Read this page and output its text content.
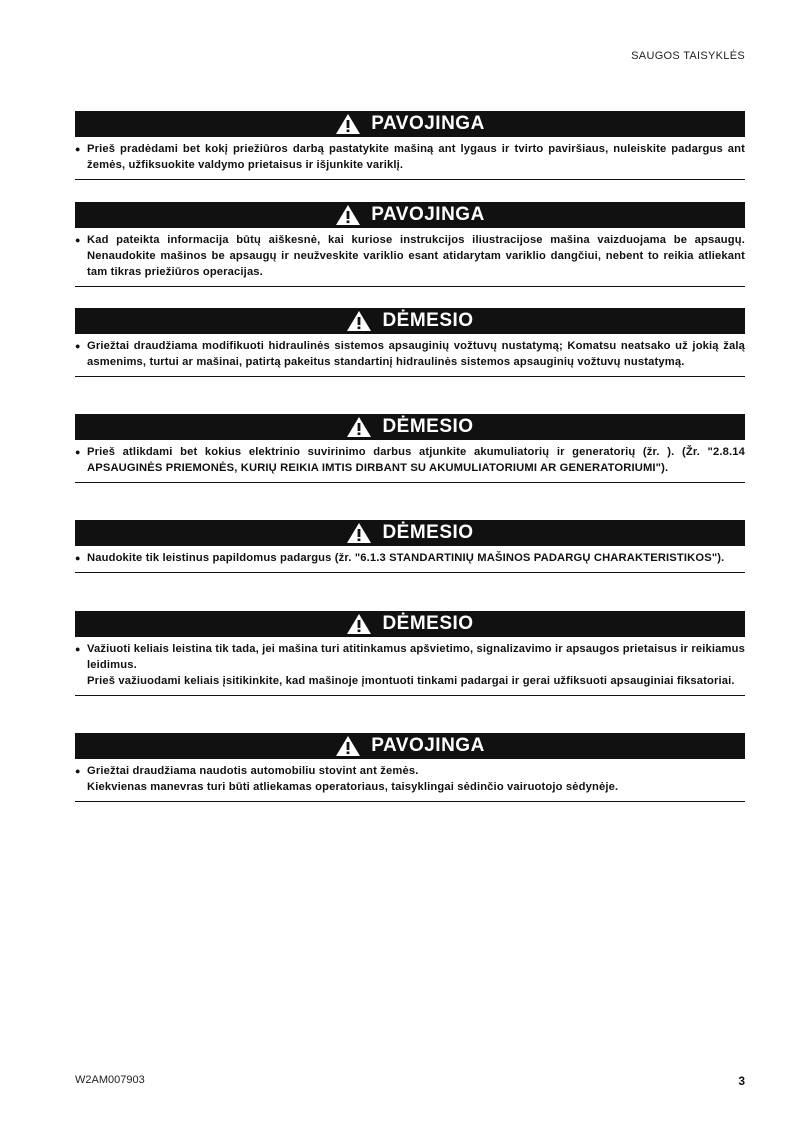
SAUGOS TAISYKLĖS
PAVOJINGA
● Prieš pradėdami bet kokį priežiūros darbą pastatykite mašiną ant lygaus ir tvirto paviršiaus, nuleiskite padargus ant žemės, užfiksuokite valdymo prietaisus ir išjunkite variklį.
PAVOJINGA
● Kad pateikta informacija būtų aiškesnė, kai kuriose instrukcijos iliustracijose mašina vaizduojama be apsaugų. Nenaudokite mašinos be apsaugų ir neužveskite variklio esant atidarytam variklio dangčiui, nebent to reikia atliekant tam tikras priežiūros operacijas.
DĖMESIO
● Griežtai draudžiama modifikuoti hidraulinės sistemos apsauginių vožtuvų nustatymą; Komatsu neatsako už jokią žalą asmenims, turtui ar mašinai, patirtą pakeitus standartinį hidraulinės sistemos apsauginių vožtuvų nustatymą.
DĖMESIO
● Prieš atlikdami bet kokius elektrinio suvirinimo darbus atjunkite akumuliatorių ir generatorių (žr. ). (Žr. "2.8.14 APSAUGINĖS PRIEMONĖS, KURIŲ REIKIA IMTIS DIRBANT SU AKUMULIATORIUMI AR GENERATORIUMI").
DĖMESIO
● Naudokite tik leistinus papildomus padargus (žr. "6.1.3 STANDARTINIŲ MAŠINOS PADARGŲ CHARAKTERISTIKOS").
DĖMESIO
● Važiuoti keliais leistina tik tada, jei mašina turi atitinkamus apšvietimo, signalizavimo ir apsaugos prietaisus ir reikiamus leidimus.
Prieš važiuodami keliais įsitikinkite, kad mašinoje įmontuoti tinkami padargai ir gerai užfiksuoti apsauginiai fiksatoriai.
PAVOJINGA
● Griežtai draudžiama naudotis automobiliu stovint ant žemės.
Kiekvienas manevras turi būti atliekamas operatoriaus, taisyklingai sėdinčio vairuotojo sėdynėje.
W2AM007903	3
